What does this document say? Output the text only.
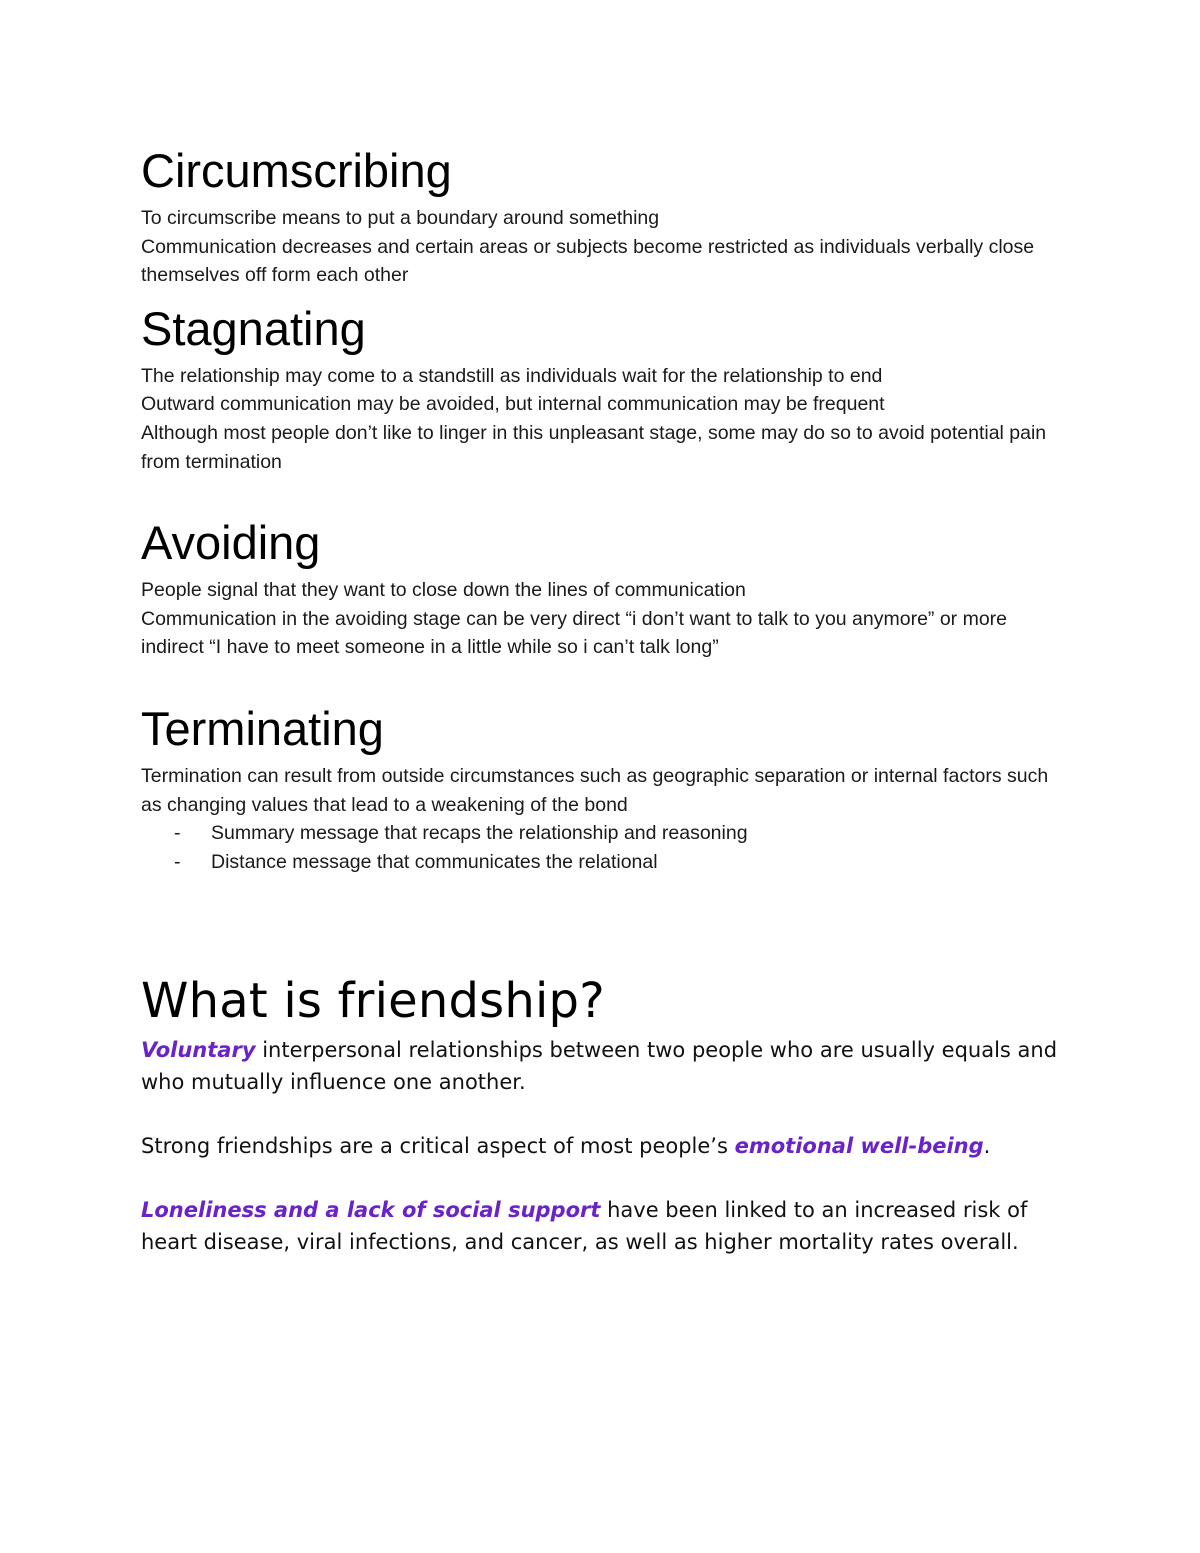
Circumscribing

To circumscribe means to put a boundary around something

Communication decreases and certain areas or subjects become restricted as individuals verbally close themselves off form each other

Stagnating

The relationship may come to a standstill as individuals wait for the relationship to end

Outward communication may be avoided, but internal communication may be frequent

Although most people don’t like to linger in this unpleasant stage, some may do so to avoid potential pain from termination

Avoiding

People signal that they want to close down the lines of communication

Communication in the avoiding stage can be very direct “i don’t want to talk to you anymore” or more indirect “I have to meet someone in a little while so i can’t talk long”

Terminating

Termination can result from outside circumstances such as geographic separation or internal factors such as changing values that lead to a weakening of the bond

- Summary message that recaps the relationship and reasoning
- Distance message that communicates the relational
What is friendship?

Voluntary interpersonal relationships between two people who are usually equals and who mutually influence one another.

Strong friendships are a critical aspect of most people’s emotional well-being.

Loneliness and a lack of social support have been linked to an increased risk of heart disease, viral infections, and cancer, as well as higher mortality rates overall.
